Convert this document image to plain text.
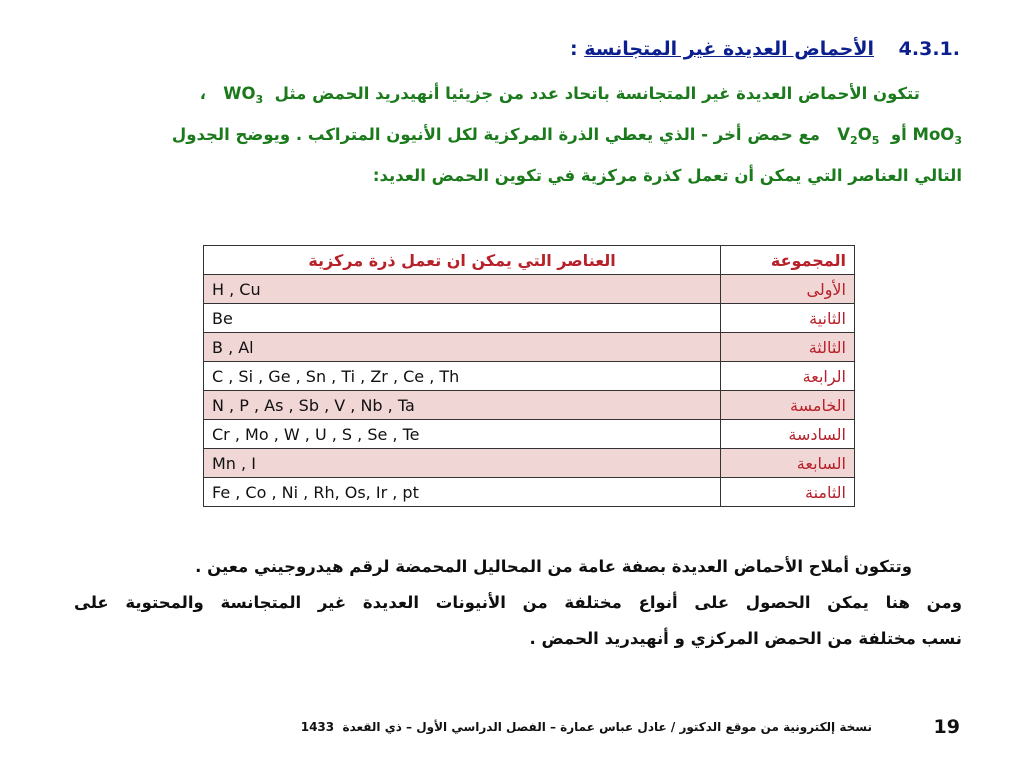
4.3.1. الأحماض العديدة غير المتجانسة :
تتكون الأحماض العديدة غير المتجانسة باتحاد عدد من جزيئيا أنهيدريد الحمض مثل  $WO_3$   ،
MoO$_3$ أو  $V_2O_5$   مع حمض أخر - الذي يعطي الذرة المركزية لكل الأنيون المتراكب . ويوضح الجدول
التالي العناصر التي يمكن أن تعمل كذرة مركزية في تكوين الحمض العديد:
العناصر التي يمكن ان تعمل ذرة مركزية	المجموعة
H , Cu	الأولى
Be	الثانية
B , Al	الثالثة
C , Si , Ge , Sn , Ti , Zr , Ce , Th	الرابعة
N , P , As , Sb , V , Nb , Ta	الخامسة
Cr , Mo , W , U , S , Se , Te	السادسة
Mn , I	السابعة
Fe , Co , Ni , Rh, Os, Ir , pt	الثامنة
وتتكون أملاح الأحماض العديدة بصفة عامة من المحاليل المحمضة لرقم هيدروجيني معين .
ومن هنا يمكن الحصول على أنواع مختلفة من الأنيونات العديدة غير المتجانسة والمحتوية على
نسب مختلفة من الحمض المركزي و أنهيدريد الحمض .
نسخة إلكترونية من موقع الدكتور / عادل عباس عمارة – الفصل الدراسي الأول – ذي القعدة  1433	19
